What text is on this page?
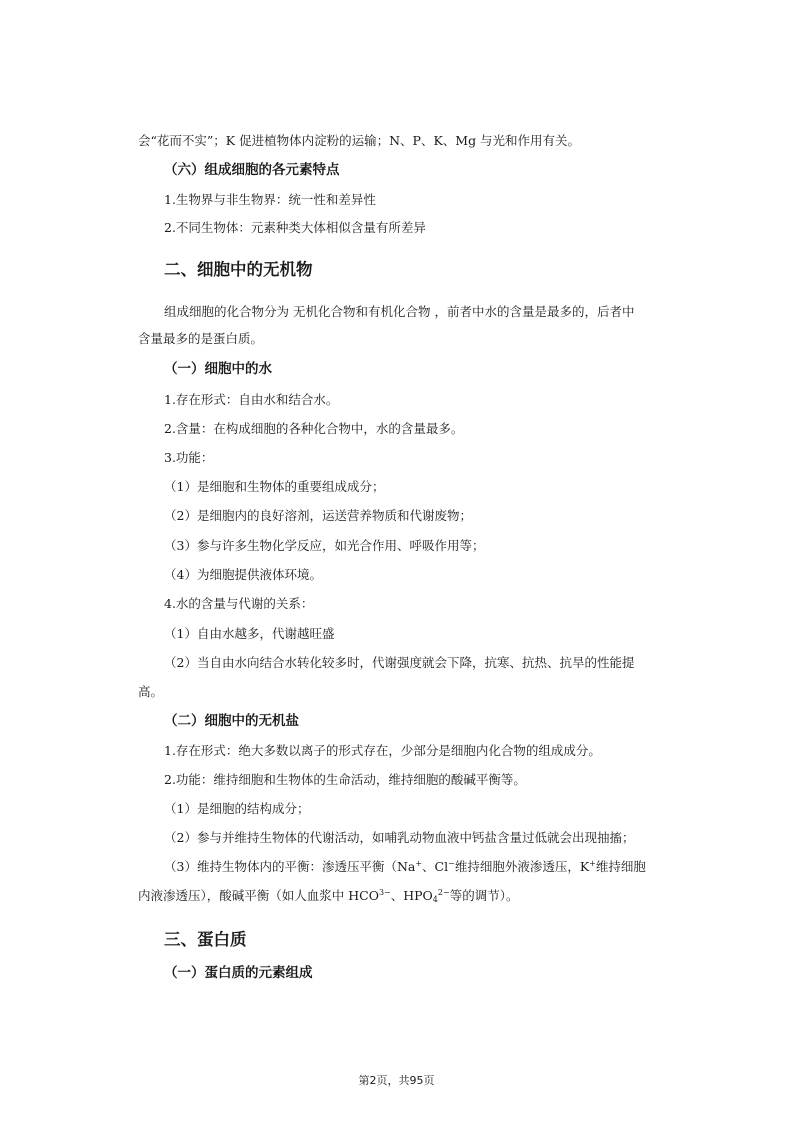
会“花而不实”；K 促进植物体内淀粉的运输；N、P、K、Mg 与光和作用有关。
（六）组成细胞的各元素特点
1.生物界与非生物界：统一性和差异性
2.不同生物体：元素种类大体相似含量有所差异
二、细胞中的无机物
组成细胞的化合物分为 无机化合物和有机化合物 ，前者中水的含量是最多的，后者中
含量最多的是蛋白质。
（一）细胞中的水
1.存在形式：自由水和结合水。
2.含量：在构成细胞的各种化合物中，水的含量最多。
3.功能：
（1）是细胞和生物体的重要组成成分；
（2）是细胞内的良好溶剂，运送营养物质和代谢废物；
（3）参与许多生物化学反应，如光合作用、呼吸作用等；
（4）为细胞提供液体环境。
4.水的含量与代谢的关系：
（1）自由水越多，代谢越旺盛
（2）当自由水向结合水转化较多时，代谢强度就会下降，抗寒、抗热、抗旱的性能提
高。
（二）细胞中的无机盐
1.存在形式：绝大多数以离子的形式存在，少部分是细胞内化合物的组成成分。
2.功能：维持细胞和生物体的生命活动，维持细胞的酸碱平衡等。
（1）是细胞的结构成分；
（2）参与并维持生物体的代谢活动，如哺乳动物血液中钙盐含量过低就会出现抽搐；
（3）维持生物体内的平衡：渗透压平衡（Na+、Cl−维持细胞外液渗透压，K+维持细胞
内液渗透压），酸碱平衡（如人血浆中 $HCO^{3-}$、$HPO_4^{2-}$等的调节）。
三、蛋白质
（一）蛋白质的元素组成
第2页，共95页
